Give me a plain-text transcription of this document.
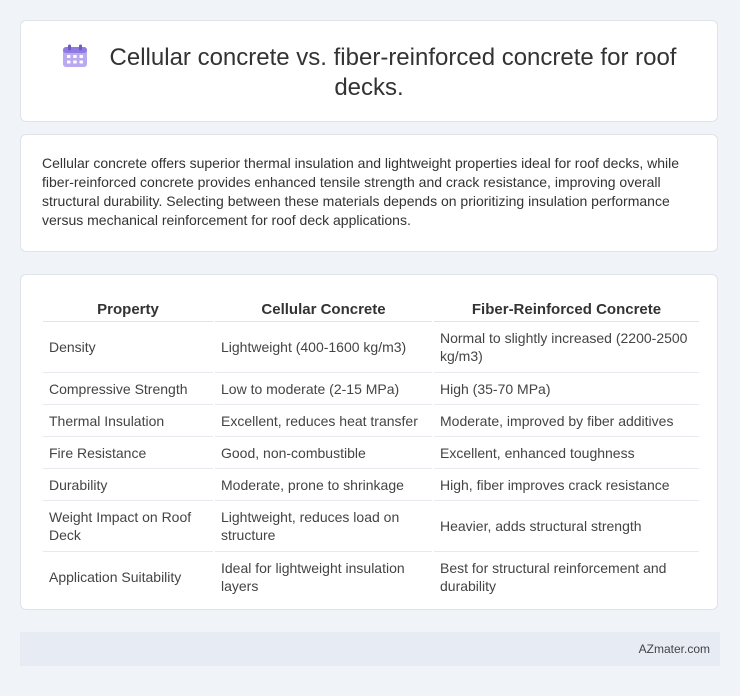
Cellular concrete vs. fiber-reinforced concrete for roof decks.

Cellular concrete offers superior thermal insulation and lightweight properties ideal for roof decks, while fiber-reinforced concrete provides enhanced tensile strength and crack resistance, improving overall structural durability. Selecting between these materials depends on prioritizing insulation performance versus mechanical reinforcement for roof deck applications.

Property	Cellular Concrete	Fiber-Reinforced Concrete
Density	Lightweight (400-1600 kg/m3)	Normal to slightly increased (2200-2500 kg/m3)
Compressive Strength	Low to moderate (2-15 MPa)	High (35-70 MPa)
Thermal Insulation	Excellent, reduces heat transfer	Moderate, improved by fiber additives
Fire Resistance	Good, non-combustible	Excellent, enhanced toughness
Durability	Moderate, prone to shrinkage	High, fiber improves crack resistance
Weight Impact on Roof Deck	Lightweight, reduces load on structure	Heavier, adds structural strength
Application Suitability	Ideal for lightweight insulation layers	Best for structural reinforcement and durability
AZmater.com
